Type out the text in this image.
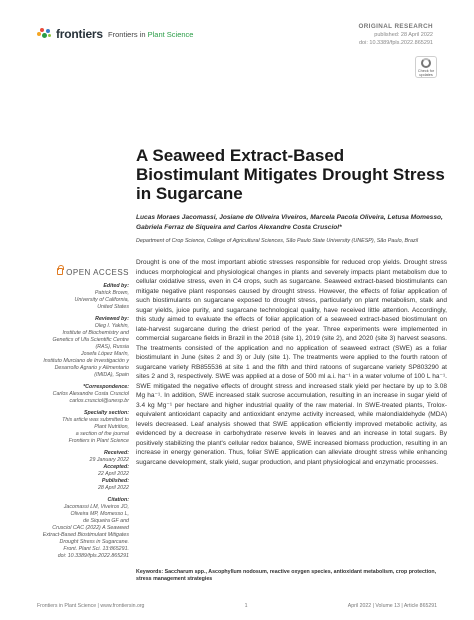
frontiers Frontiers in Plant Science
ORIGINAL RESEARCH
published: 28 April 2022
doi: 10.3389/fpls.2022.865291
Check for updates
A Seaweed Extract-Based Biostimulant Mitigates Drought Stress in Sugarcane
Lucas Moraes Jacomassi, Josiane de Oliveira Viveiros, Marcela Pacola Oliveira, Letusa Momesso, Gabriela Ferraz de Siqueira and Carlos Alexandre Costa Crusciol*
Department of Crop Science, College of Agricultural Sciences, São Paulo State University (UNESP), São Paulo, Brazil
OPEN ACCESS
Edited by:
Patrick Brown,
University of California,
United States
Reviewed by:
Oleg I. Yakhin,
Institute of Biochemistry and
Genetics of Ufa Scientific Centre
(RAS), Russia
Josefa López Marín,
Instituto Murciano de Investigación y
Desarrollo Agrario y Alimentario
(IMIDA), Spain
*Correspondence:
Carlos Alexandre Costa Crusciol
carlos.crusciol@unesp.br
Specialty section:
This article was submitted to
Plant Nutrition,
a section of the journal
Frontiers in Plant Science
Received:
29 January 2022
Accepted:
22 April 2022
Published:
28 April 2022
Citation:
Jacomassi LM, Viveiros JO,
Oliveira MP, Momesso L,
de Siqueira GF and
Crusciol CAC (2022) A Seaweed
Extract-Based Biostimulant Mitigates
Drought Stress in Sugarcane.
Front. Plant Sci. 13:865291.
doi: 10.3389/fpls.2022.865291
Drought is one of the most important abiotic stresses responsible for reduced crop yields. Drought stress induces morphological and physiological changes in plants and severely impacts plant metabolism due to cellular oxidative stress, even in C4 crops, such as sugarcane. Seaweed extract-based biostimulants can mitigate negative plant responses caused by drought stress. However, the effects of foliar application of such biostimulants on sugarcane exposed to drought stress, particularly on plant metabolism, stalk and sugar yields, juice purity, and sugarcane technological quality, have received little attention. Accordingly, this study aimed to evaluate the effects of foliar application of a seaweed extract-based biostimulant on late-harvest sugarcane during the driest period of the year. Three experiments were implemented in commercial sugarcane fields in Brazil in the 2018 (site 1), 2019 (site 2), and 2020 (site 3) harvest seasons. The treatments consisted of the application and no application of seaweed extract (SWE) as a foliar biostimulant in June (sites 2 and 3) or July (site 1). The treatments were applied to the fourth ratoon of sugarcane variety RB855536 at site 1 and the fifth and third ratoons of sugarcane variety SP803290 at sites 2 and 3, respectively. SWE was applied at a dose of 500 ml a.i. ha⁻¹ in a water volume of 100 L ha⁻¹. SWE mitigated the negative effects of drought stress and increased stalk yield per hectare by up to 3.08 Mg ha⁻¹. In addition, SWE increased stalk sucrose accumulation, resulting in an increase in sugar yield of 3.4 kg Mg⁻¹ per hectare and higher industrial quality of the raw material. In SWE-treated plants, Trolox-equivalent antioxidant capacity and antioxidant enzyme activity increased, while malondialdehyde (MDA) levels decreased. Leaf analysis showed that SWE application efficiently improved metabolic activity, as evidenced by a decrease in carbohydrate reserve levels in leaves and an increase in total sugars. By positively stabilizing the plant's cellular redox balance, SWE increased biomass production, resulting in an increase in energy generation. Thus, foliar SWE application can alleviate drought stress while enhancing sugarcane development, stalk yield, sugar production, and plant physiological and enzymatic processes.
Keywords: Saccharum spp., Ascophyllum nodosum, reactive oxygen species, antioxidant metabolism, crop protection, stress management strategies
Frontiers in Plant Science | www.frontiersin.org	1	April 2022 | Volume 13 | Article 865291
